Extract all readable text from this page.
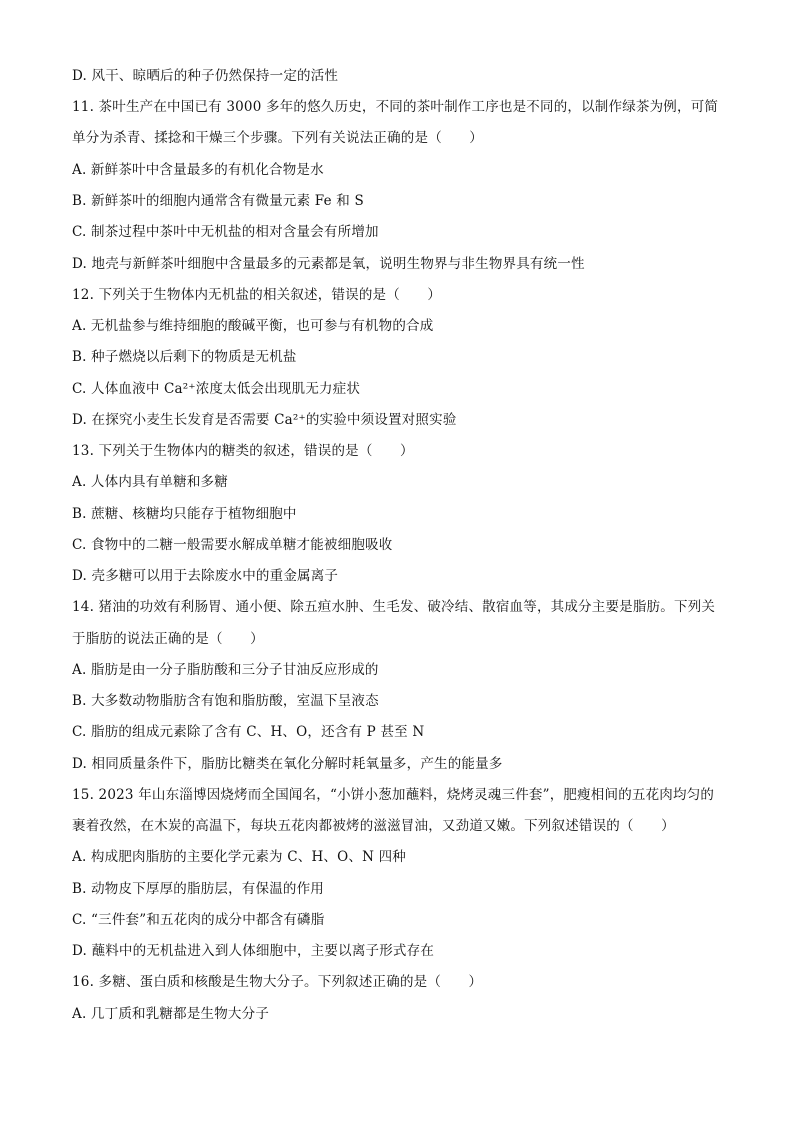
D. 风干、晾晒后的种子仍然保持一定的活性
11. 茶叶生产在中国已有 3000 多年的悠久历史，不同的茶叶制作工序也是不同的，以制作绿茶为例，可简
单分为杀青、揉捻和干燥三个步骤。下列有关说法正确的是（　　）
A. 新鲜茶叶中含量最多的有机化合物是水
B. 新鲜茶叶的细胞内通常含有微量元素 Fe 和 S
C. 制茶过程中茶叶中无机盐的相对含量会有所增加
D. 地壳与新鲜茶叶细胞中含量最多的元素都是氧，说明生物界与非生物界具有统一性
12. 下列关于生物体内无机盐的相关叙述，错误的是（　　）
A. 无机盐参与维持细胞的酸碱平衡，也可参与有机物的合成
B. 种子燃烧以后剩下的物质是无机盐
C. 人体血液中 Ca²⁺浓度太低会出现肌无力症状
D. 在探究小麦生长发育是否需要 Ca²⁺的实验中须设置对照实验
13. 下列关于生物体内的糖类的叙述，错误的是（　　）
A. 人体内具有单糖和多糖
B. 蔗糖、核糖均只能存于植物细胞中
C. 食物中的二糖一般需要水解成单糖才能被细胞吸收
D. 壳多糖可以用于去除废水中的重金属离子
14. 猪油的功效有利肠胃、通小便、除五疸水肿、生毛发、破冷结、散宿血等，其成分主要是脂肪。下列关
于脂肪的说法正确的是（　　）
A. 脂肪是由一分子脂肪酸和三分子甘油反应形成的
B. 大多数动物脂肪含有饱和脂肪酸，室温下呈液态
C. 脂肪的组成元素除了含有 C、H、O，还含有 P 甚至 N
D. 相同质量条件下，脂肪比糖类在氧化分解时耗氧量多，产生的能量多
15. 2023 年山东淄博因烧烤而全国闻名，“小饼小葱加蘸料，烧烤灵魂三件套”，肥瘦相间的五花肉均匀的
裹着孜然，在木炭的高温下，每块五花肉都被烤的滋滋冒油，又劲道又嫩。下列叙述错误的（　　）
A. 构成肥肉脂肪的主要化学元素为 C、H、O、N 四种
B. 动物皮下厚厚的脂肪层，有保温的作用
C. “三件套”和五花肉的成分中都含有磷脂
D. 蘸料中的无机盐进入到人体细胞中，主要以离子形式存在
16. 多糖、蛋白质和核酸是生物大分子。下列叙述正确的是（　　）
A. 几丁质和乳糖都是生物大分子
